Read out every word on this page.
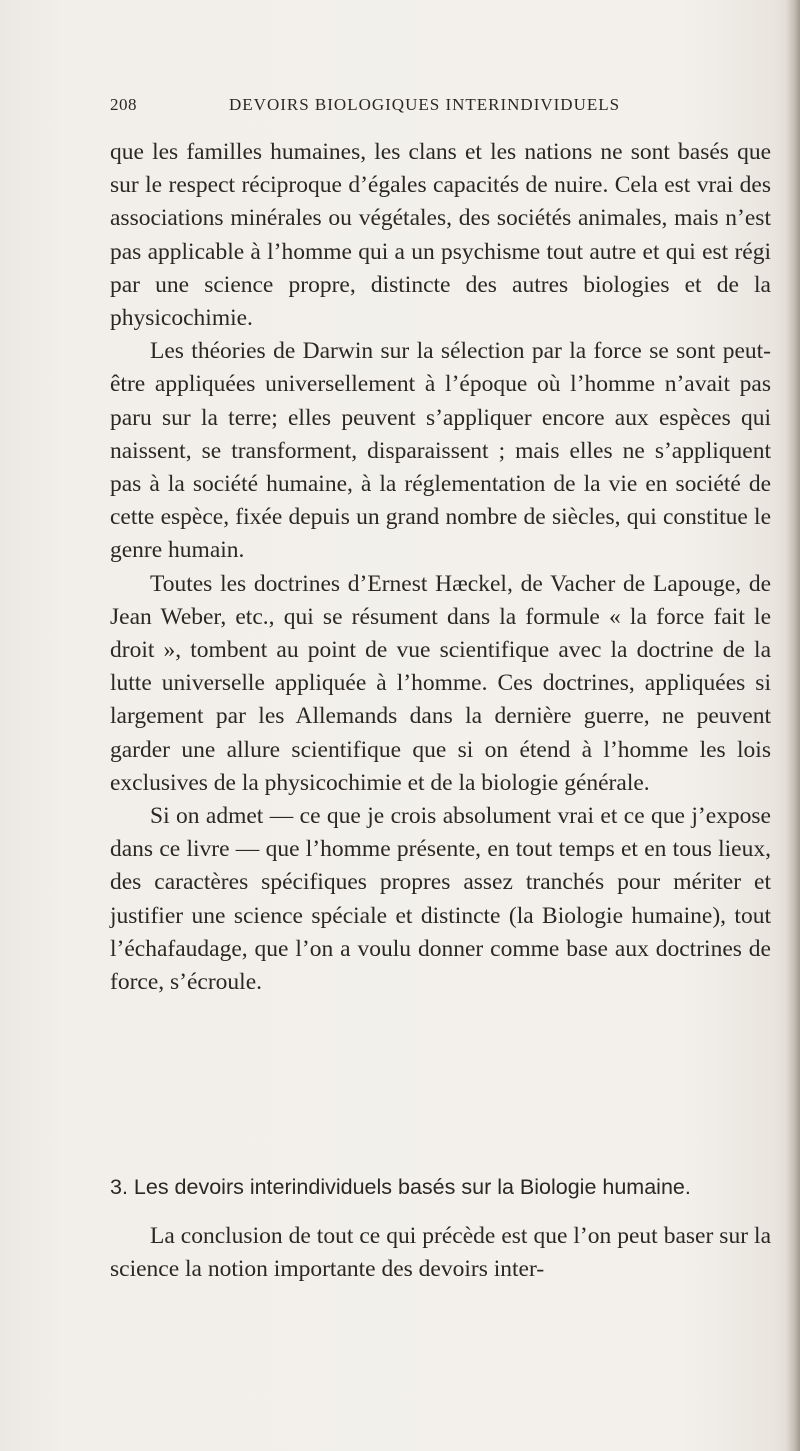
208	DEVOIRS BIOLOGIQUES INTERINDIVIDUELS

que les familles humaines, les clans et les nations ne sont basés que sur le respect réciproque d’égales capacités de nuire. Cela est vrai des associations minérales ou végétales, des sociétés animales, mais n’est pas applicable à l’homme qui a un psychisme tout autre et qui est régi par une science propre, distincte des autres biologies et de la physicochimie.

Les théories de Darwin sur la sélection par la force se sont peut-être appliquées universellement à l’époque où l’homme n’avait pas paru sur la terre; elles peuvent s’appliquer encore aux espèces qui naissent, se transforment, disparaissent ; mais elles ne s’appliquent pas à la société humaine, à la réglementation de la vie en société de cette espèce, fixée depuis un grand nombre de siècles, qui constitue le genre humain.

Toutes les doctrines d’Ernest Hæckel, de Vacher de Lapouge, de Jean Weber, etc., qui se résument dans la formule « la force fait le droit », tombent au point de vue scientifique avec la doctrine de la lutte universelle appliquée à l’homme. Ces doctrines, appliquées si largement par les Allemands dans la dernière guerre, ne peuvent garder une allure scientifique que si on étend à l’homme les lois exclusives de la physicochimie et de la biologie générale.

Si on admet — ce que je crois absolument vrai et ce que j’expose dans ce livre — que l’homme présente, en tout temps et en tous lieux, des caractères spécifiques propres assez tranchés pour mériter et justifier une science spéciale et distincte (la Biologie humaine), tout l’échafaudage, que l’on a voulu donner comme base aux doctrines de force, s’écroule.

3. Les devoirs interindividuels basés sur la Biologie humaine.

La conclusion de tout ce qui précède est que l’on peut baser sur la science la notion importante des devoirs inter-
